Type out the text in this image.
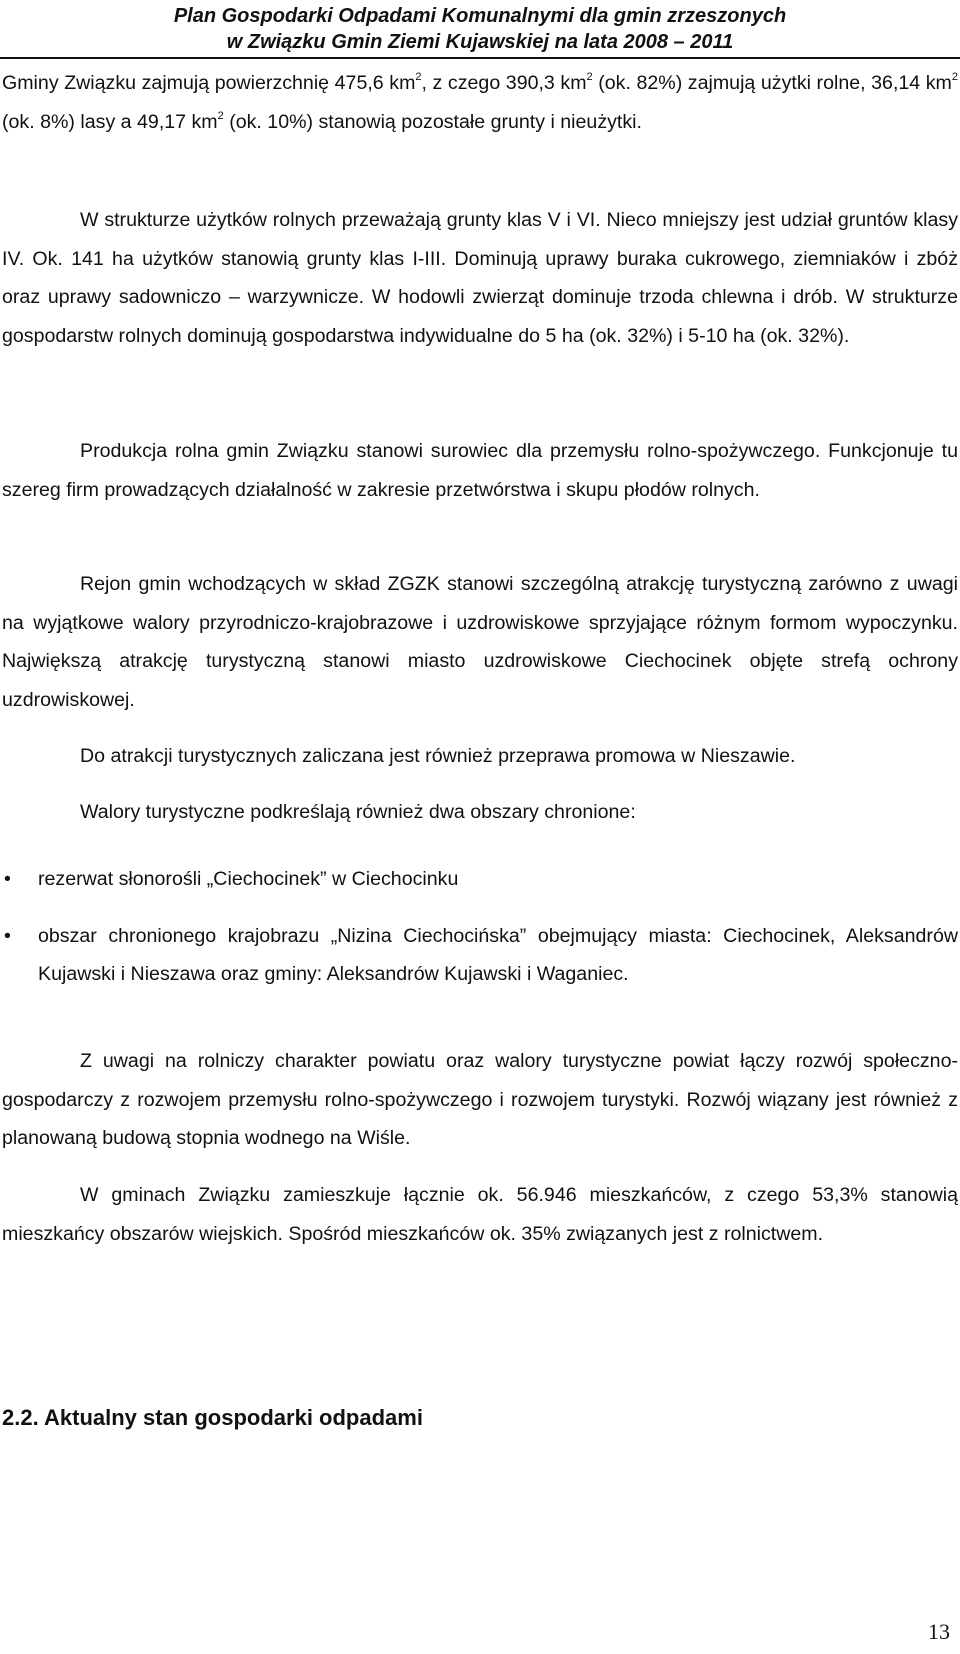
Plan Gospodarki Odpadami Komunalnymi dla gmin zrzeszonych
w Związku Gmin Ziemi Kujawskiej na lata 2008 – 2011

Gminy Związku zajmują powierzchnię 475,6 $km^2$, z czego 390,3 $km^2$ (ok. 82%) zajmują użytki rolne, 36,14 $km^2$ (ok. 8%) lasy a 49,17 $km^2$ (ok. 10%) stanowią pozostałe grunty i nieużytki.

W strukturze użytków rolnych przeważają grunty klas V i VI. Nieco mniejszy jest udział gruntów klasy IV. Ok. 141 ha użytków stanowią grunty klas I-III. Dominują uprawy buraka cukrowego, ziemniaków i zbóż oraz uprawy sadowniczo – warzywnicze. W hodowli zwierząt dominuje trzoda chlewna i drób. W strukturze gospodarstw rolnych dominują gospodarstwa indywidualne do 5 ha (ok. 32%) i 5-10 ha (ok. 32%).

Produkcja rolna gmin Związku stanowi surowiec dla przemysłu rolno-spożywczego. Funkcjonuje tu szereg firm prowadzących działalność w zakresie przetwórstwa i skupu płodów rolnych.

Rejon gmin wchodzących w skład ZGZK stanowi szczególną atrakcję turystyczną zarówno z uwagi na wyjątkowe walory przyrodniczo-krajobrazowe i uzdrowiskowe sprzyjające różnym formom wypoczynku. Największą atrakcję turystyczną stanowi miasto uzdrowiskowe Ciechocinek objęte strefą ochrony uzdrowiskowej.

Do atrakcji turystycznych zaliczana jest również przeprawa promowa w Nieszawie.

Walory turystyczne podkreślają również dwa obszary chronione:

• rezerwat słonorośli „Ciechocinek” w Ciechocinku
• obszar chronionego krajobrazu „Nizina Ciechocińska” obejmujący miasta: Ciechocinek, Aleksandrów Kujawski i Nieszawa oraz gminy: Aleksandrów Kujawski i Waganiec.

Z uwagi na rolniczy charakter powiatu oraz walory turystyczne powiat łączy rozwój społeczno-gospodarczy z rozwojem przemysłu rolno-spożywczego i rozwojem turystyki. Rozwój wiązany jest również z planowaną budową stopnia wodnego na Wiśle.

W gminach Związku zamieszkuje łącznie ok. 56.946 mieszkańców, z czego 53,3% stanowią mieszkańcy obszarów wiejskich. Spośród mieszkańców ok. 35% związanych jest z rolnictwem.

2.2. Aktualny stan gospodarki odpadami
13
